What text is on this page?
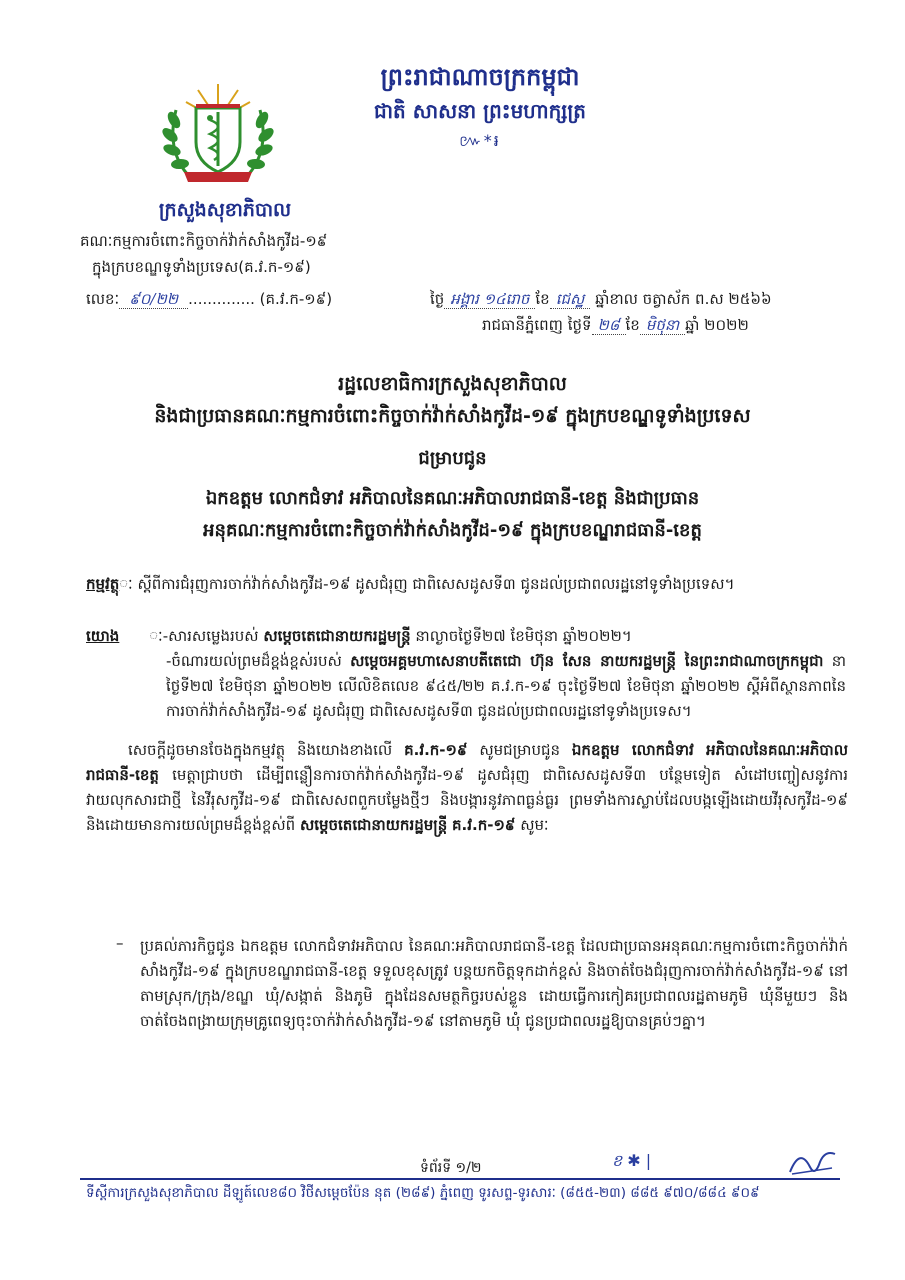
ព្រះរាជាណាចក្រកម្ពុជា
ជាតិ សាសនា ព្រះមហាក្សត្រ
៚*៛
ក្រសួងសុខាភិបាល
គណៈកម្មការចំពោះកិច្ចចាក់វ៉ាក់សាំងកូវីដ-១៩
ក្នុងក្របខណ្ឌទូទាំងប្រទេស(គ.វ.ក-១៩)
លេខៈ ៩០/២២ .............. (គ.វ.ក-១៩)	ថ្ងៃ អង្គារ ១៤រោច ខែ ជេស្ឋ ឆ្នាំខាល ចត្វាស័ក ព.ស ២៥៦៦
រាជធានីភ្នំពេញ ថ្ងៃទី ២៨ ខែ មិថុនា ឆ្នាំ ២០២២
រដ្ឋលេខាធិការក្រសួងសុខាភិបាល
និងជាប្រធានគណៈកម្មការចំពោះកិច្ចចាក់វ៉ាក់សាំងកូវីដ-១៩ ក្នុងក្របខណ្ឌទូទាំងប្រទេស
ជម្រាបជូន
ឯកឧត្តម លោកជំទាវ អភិបាលនៃគណៈអភិបាលរាជធានី-ខេត្ត និងជាប្រធាន
អនុគណៈកម្មការចំពោះកិច្ចចាក់វ៉ាក់សាំងកូវីដ-១៩ ក្នុងក្របខណ្ឌរាជធានី-ខេត្ត
កម្មវត្ថុៈ ស្តីពីការជំរុញការចាក់វ៉ាក់សាំងកូវីដ-១៩ ដូសជំរុញ ជាពិសេសដូសទី៣ ជូនដល់ប្រជាពលរដ្ឋនៅទូទាំងប្រទេស។
យោង ៈ-សារសម្លេងរបស់ សម្តេចតេជោនាយករដ្ឋមន្ត្រី នាល្ងាចថ្ងៃទី២៧ ខែមិថុនា ឆ្នាំ២០២២។
-ចំណារយល់ព្រមដ៏ខ្ពង់ខ្ពស់របស់ សម្តេចអគ្គមហាសេនាបតីតេជោ ហ៊ុន សែន នាយករដ្ឋមន្ត្រី នៃព្រះរាជាណាចក្រកម្ពុជា នាថ្ងៃទី២៧ ខែមិថុនា ឆ្នាំ២០២២ លើលិខិតលេខ ៩៤៥/២២ គ.វ.ក-១៩ ចុះថ្ងៃទី២៧ ខែមិថុនា ឆ្នាំ២០២២ ស្តីអំពីស្ថានភាពនៃការចាក់វ៉ាក់សាំងកូវីដ-១៩ ដូសជំរុញ ជាពិសេសដូសទី៣ ជូនដល់ប្រជាពលរដ្ឋនៅទូទាំងប្រទេស។
សេចក្តីដូចមានចែងក្នុងកម្មវត្ថុ និងយោងខាងលើ គ.វ.ក-១៩ សូមជម្រាបជូន ឯកឧត្តម លោកជំទាវ អភិបាលនៃគណៈអភិបាលរាជធានី-ខេត្ត មេត្តាជ្រាបថា ដើម្បីពន្លឿនការចាក់វ៉ាក់សាំងកូវីដ-១៩ ដូសជំរុញ ជាពិសេសដូសទី៣ បន្ថែមទៀត សំដៅបញ្ចៀសនូវការវាយលុកសារជាថ្មី នៃវីរុសកូវីដ-១៩ ជាពិសេសពពួកបម្លែងថ្មីៗ និងបង្ការនូវភាពធ្ងន់ធ្ងរ ព្រមទាំងការស្លាប់ដែលបង្កឡើងដោយវីរុសកូវីដ-១៩ និងដោយមានការយល់ព្រមដ៏ខ្ពង់ខ្ពស់ពី សម្តេចតេជោនាយករដ្ឋមន្ត្រី គ.វ.ក-១៩ សូមៈ
– ប្រគល់ភារកិច្ចជូន ឯកឧត្តម លោកជំទាវអភិបាល នៃគណៈអភិបាលរាជធានី-ខេត្ត ដែលជាប្រធានអនុគណៈកម្មការចំពោះកិច្ចចាក់វ៉ាក់សាំងកូវីដ-១៩ ក្នុងក្របខណ្ឌរាជធានី-ខេត្ត ទទួលខុសត្រូវ បន្តយកចិត្តទុកដាក់ខ្ពស់ និងចាត់ចែងជំរុញការចាក់វ៉ាក់សាំងកូវីដ-១៩ នៅតាមស្រុក/ក្រុង/ខណ្ឌ ឃុំ/សង្កាត់ និងភូមិ ក្នុងដែនសមត្ថកិច្ចរបស់ខ្លួន ដោយធ្វើការកៀគរប្រជាពលរដ្ឋតាមភូមិ ឃុំនីមួយៗ និងចាត់ចែងពង្រាយក្រុមគ្រូពេទ្យចុះចាក់វ៉ាក់សាំងកូវីដ-១៩ នៅតាមភូមិ ឃុំ ជូនប្រជាពលរដ្ឋឱ្យបានគ្រប់ៗគ្នា។
ទំព័រទី ១/២	ខ ✱ |
ទីស្តីការក្រសួងសុខាភិបាល ដីឡូត៍លេខ៨០ វិថីសម្តេចប៉ែន នុត (២៨៩) ភ្នំពេញ ទូរសព្ទ-ទូរសារៈ (៨៥៥-២៣) ៨៨៥ ៩៧០/៨៨៤ ៩០៩
